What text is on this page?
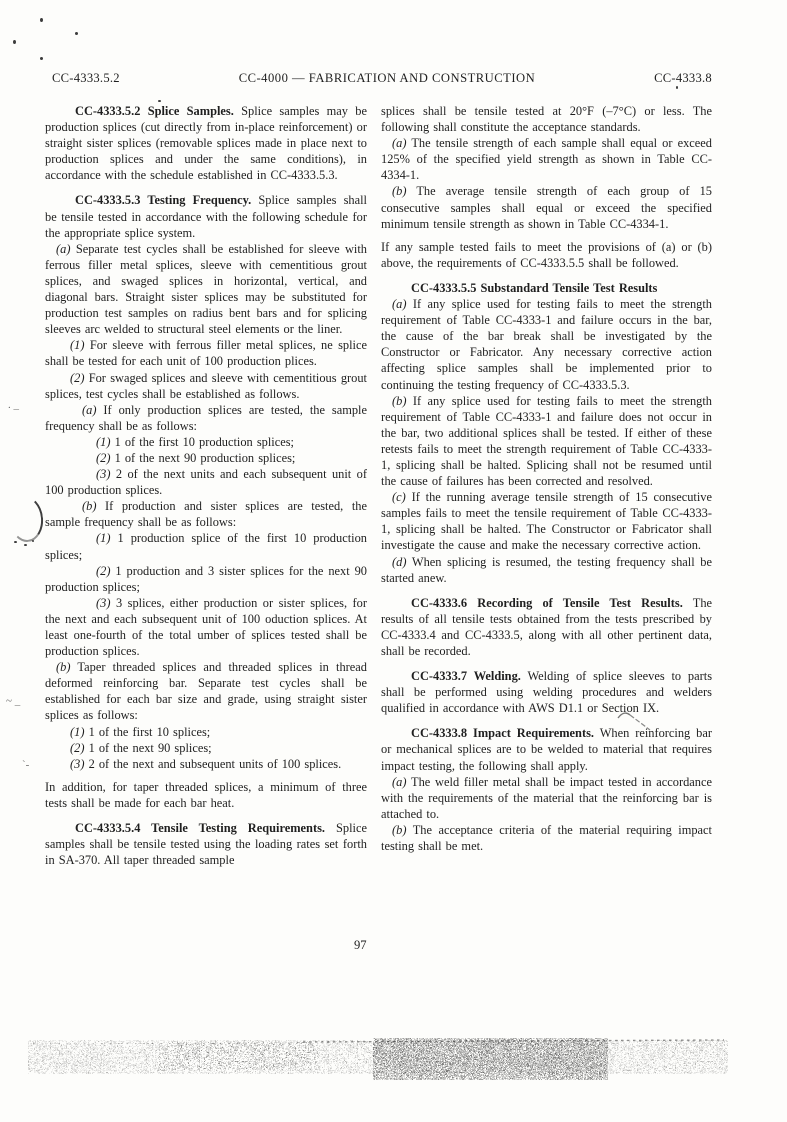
CC-4333.5.2	CC-4000 — FABRICATION AND CONSTRUCTION	CC-4333.8

CC-4333.5.2 Splice Samples. Splice samples may be production splices (cut directly from in-place reinforcement) or straight sister splices (removable splices made in place next to production splices and under the same conditions), in accordance with the schedule established in CC-4333.5.3.

CC-4333.5.3 Testing Frequency. Splice samples shall be tensile tested in accordance with the following schedule for the appropriate splice system.

(a) Separate test cycles shall be established for sleeve with ferrous filler metal splices, sleeve with cementitious grout splices, and swaged splices in horizontal, vertical, and diagonal bars. Straight sister splices may be substituted for production test samples on radius bent bars and for splicing sleeves arc welded to structural steel elements or the liner.

(1) For sleeve with ferrous filler metal splices, ne splice shall be tested for each unit of 100 production plices.

(2) For swaged splices and sleeve with cementitious grout splices, test cycles shall be established as follows.

(a) If only production splices are tested, the sample frequency shall be as follows:

(1) 1 of the first 10 production splices;

(2) 1 of the next 90 production splices;

(3) 2 of the next units and each subsequent unit of 100 production splices.

(b) If production and sister splices are tested, the sample frequency shall be as follows:

(1) 1 production splice of the first 10 production splices;

(2) 1 production and 3 sister splices for the next 90 production splices;

(3) 3 splices, either production or sister splices, for the next and each subsequent unit of 100 oduction splices. At least one-fourth of the total umber of splices tested shall be production splices.

(b) Taper threaded splices and threaded splices in thread deformed reinforcing bar. Separate test cycles shall be established for each bar size and grade, using straight sister splices as follows:

(1) 1 of the first 10 splices;

(2) 1 of the next 90 splices;

(3) 2 of the next and subsequent units of 100 splices.

In addition, for taper threaded splices, a minimum of three tests shall be made for each bar heat.

CC-4333.5.4 Tensile Testing Requirements. Splice samples shall be tensile tested using the loading rates set forth in SA-370. All taper threaded sample

splices shall be tensile tested at 20°F (–7°C) or less. The following shall constitute the acceptance standards.

(a) The tensile strength of each sample shall equal or exceed 125% of the specified yield strength as shown in Table CC-4334-1.

(b) The average tensile strength of each group of 15 consecutive samples shall equal or exceed the specified minimum tensile strength as shown in Table CC-4334-1.

If any sample tested fails to meet the provisions of (a) or (b) above, the requirements of CC-4333.5.5 shall be followed.

CC-4333.5.5 Substandard Tensile Test Results

(a) If any splice used for testing fails to meet the strength requirement of Table CC-4333-1 and failure occurs in the bar, the cause of the bar break shall be investigated by the Constructor or Fabricator. Any necessary corrective action affecting splice samples shall be implemented prior to continuing the testing frequency of CC-4333.5.3.

(b) If any splice used for testing fails to meet the strength requirement of Table CC-4333-1 and failure does not occur in the bar, two additional splices shall be tested. If either of these retests fails to meet the strength requirement of Table CC-4333-1, splicing shall be halted. Splicing shall not be resumed until the cause of failures has been corrected and resolved.

(c) If the running average tensile strength of 15 consecutive samples fails to meet the tensile requirement of Table CC-4333-1, splicing shall be halted. The Constructor or Fabricator shall investigate the cause and make the necessary corrective action.

(d) When splicing is resumed, the testing frequency shall be started anew.

CC-4333.6 Recording of Tensile Test Results. The results of all tensile tests obtained from the tests prescribed by CC-4333.4 and CC-4333.5, along with all other pertinent data, shall be recorded.

CC-4333.7 Welding. Welding of splice sleeves to parts shall be performed using welding procedures and welders qualified in accordance with AWS D1.1 or Section IX.

CC-4333.8 Impact Requirements. When reinforcing bar or mechanical splices are to be welded to material that requires impact testing, the following shall apply.

(a) The weld filler metal shall be impact tested in accordance with the requirements of the material that the reinforcing bar is attached to.

(b) The acceptance criteria of the material requiring impact testing shall be met.

97
. _
~ _
`-
